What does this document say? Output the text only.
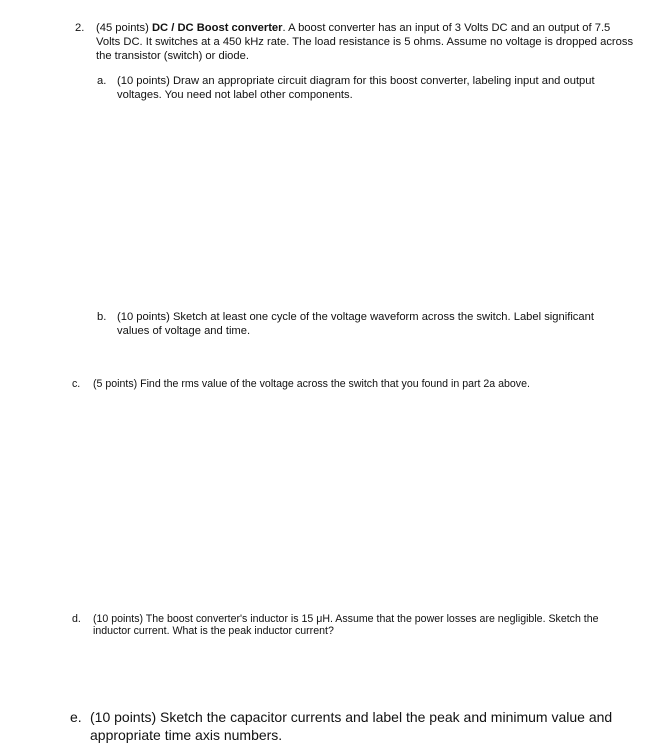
2. (45 points) DC / DC Boost converter. A boost converter has an input of 3 Volts DC and an output of 7.5 Volts DC. It switches at a 450 kHz rate. The load resistance is 5 ohms. Assume no voltage is dropped across the transistor (switch) or diode.
a. (10 points) Draw an appropriate circuit diagram for this boost converter, labeling input and output voltages. You need not label other components.
b. (10 points) Sketch at least one cycle of the voltage waveform across the switch. Label significant values of voltage and time.
c. (5 points) Find the rms value of the voltage across the switch that you found in part 2a above.
d. (10 points) The boost converter's inductor is 15 μH. Assume that the power losses are negligible. Sketch the inductor current. What is the peak inductor current?
e. (10 points) Sketch the capacitor currents and label the peak and minimum value and appropriate time axis numbers.
